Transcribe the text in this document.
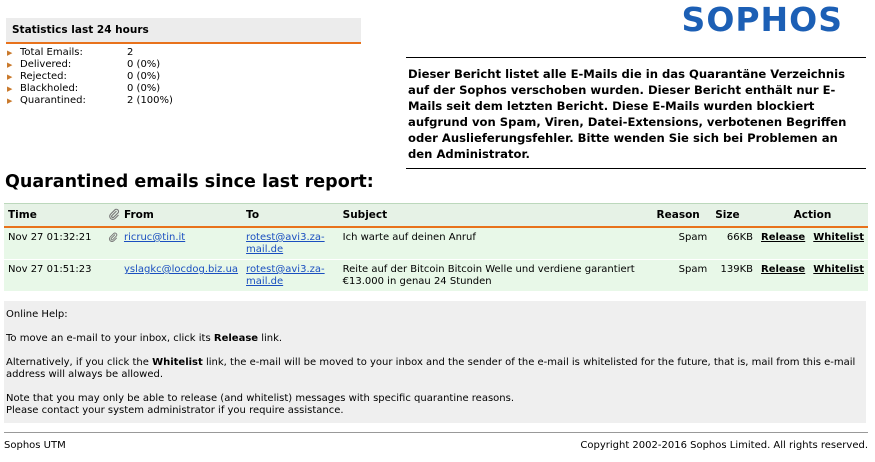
Statistics last 24 hours
▶	Total Emails:	2
▶	Delivered:	0 (0%)
▶	Rejected:	0 (0%)
▶	Blackholed:	0 (0%)
▶	Quarantined:	2 (100%)
SOPHOS
Dieser Bericht listet alle E-Mails die in das Quarantäne Verzeichnis auf der Sophos verschoben wurden. Dieser Bericht enthält nur E-Mails seit dem letzten Bericht. Diese E-Mails wurden blockiert aufgrund von Spam, Viren, Datei-Extensions, verbotenen Begriffen oder Auslieferungsfehler. Bitte wenden Sie sich bei Problemen an den Administrator.
Quarantined emails since last report:
Time		From	To	Subject	Reason	Size	Action	
Nov 27 01:32:21		ricruc@tin.it	rotest@avi3.za-mail.de	Ich warte auf deinen Anruf	Spam	66KB	Release	Whitelist
Nov 27 01:51:23		yslagkc@locdog.biz.ua	rotest@avi3.za-mail.de	Reite auf der Bitcoin Bitcoin Welle und verdiene garantiert €13.000 in genau 24 Stunden	Spam	139KB	Release	Whitelist

Online Help:

To move an e-mail to your inbox, click its Release link.

Alternatively, if you click the Whitelist link, the e-mail will be moved to your inbox and the sender of the e-mail is whitelisted for the future, that is, mail from this e-mail address will always be allowed.

Note that you may only be able to release (and whitelist) messages with specific quarantine reasons.
Please contact your system administrator if you require assistance.

Sophos UTM	Copyright 2002-2016 Sophos Limited. All rights reserved.
